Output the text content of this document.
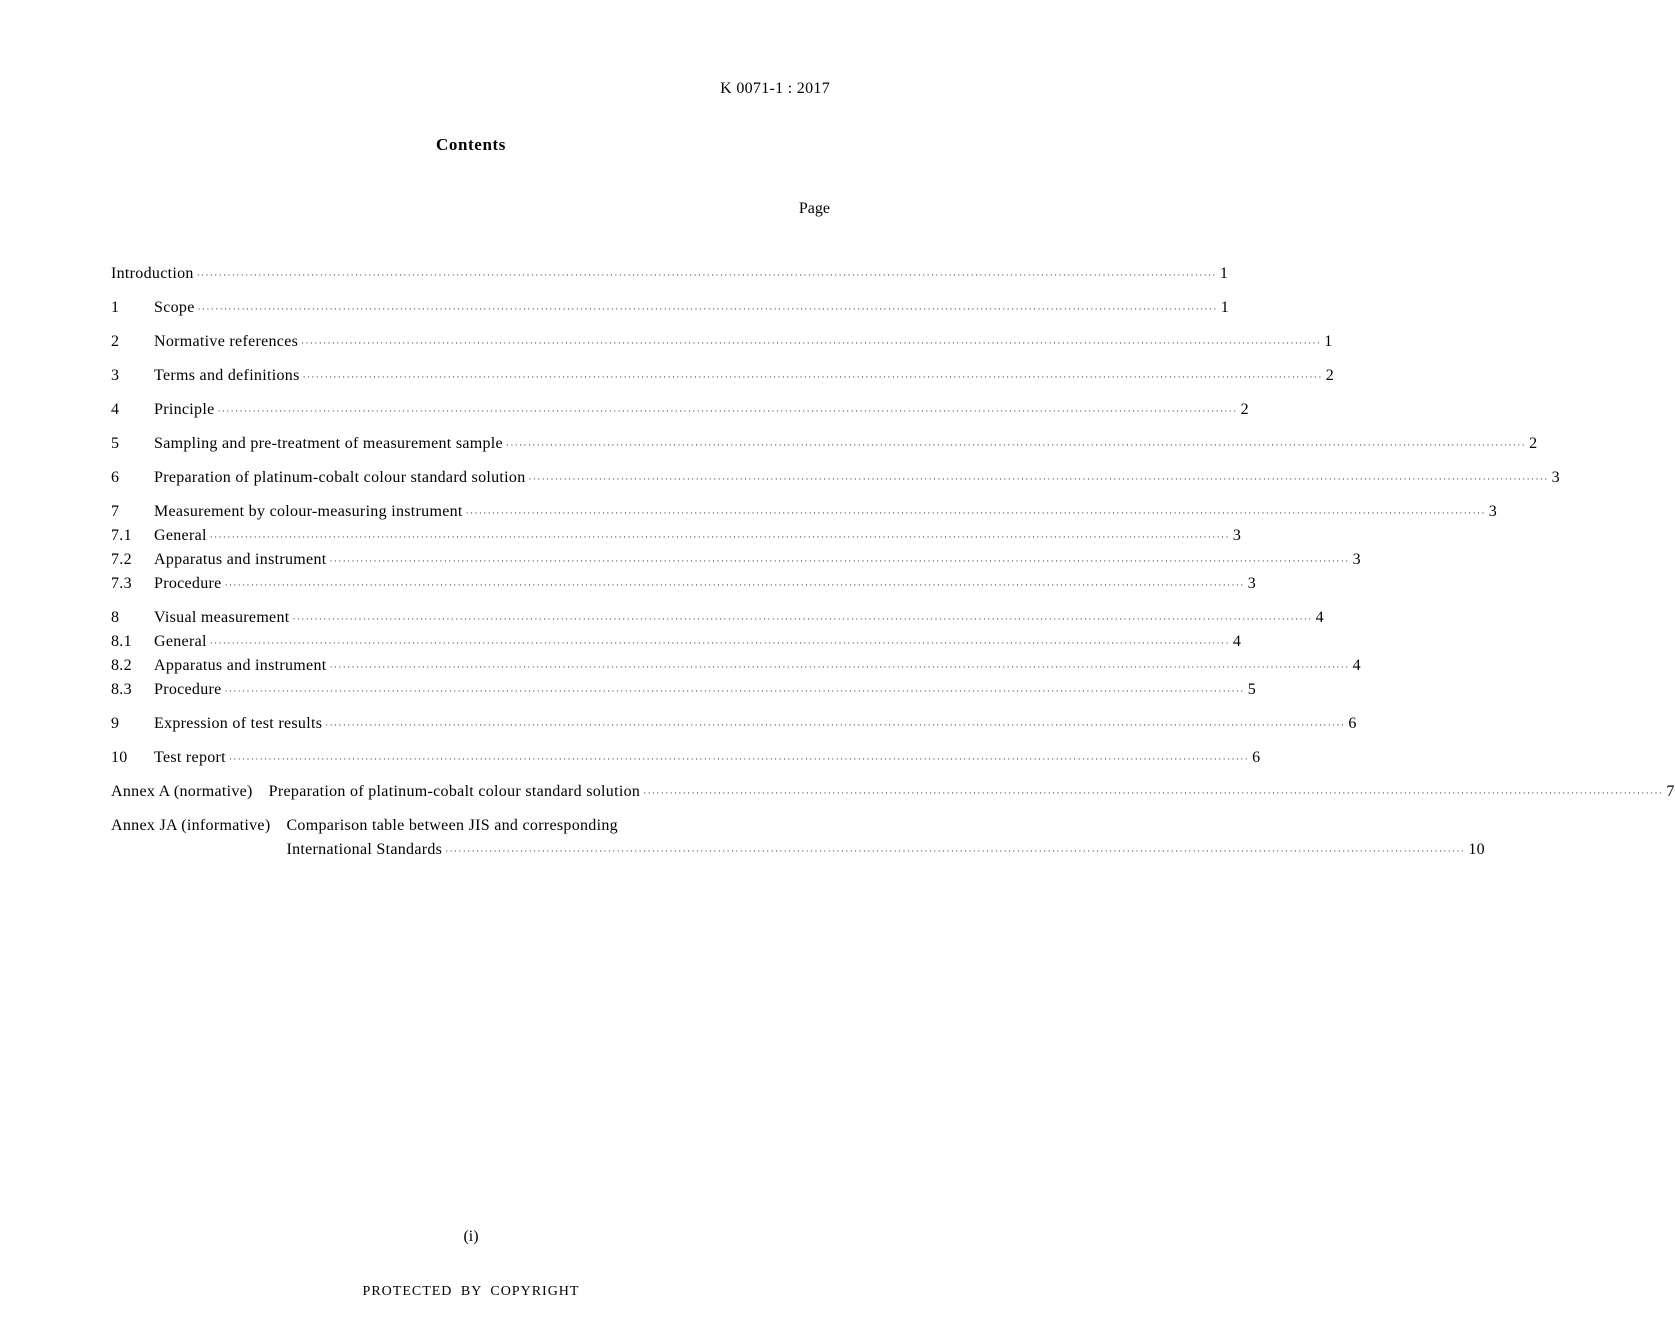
K 0071-1 : 2017
Contents
Page
Introduction ·····	1
1	Scope ·····	1
2	Normative references ·····	1
3	Terms and definitions ·····	2
4	Principle ·····	2
5	Sampling and pre-treatment of measurement sample ·····	2
6	Preparation of platinum-cobalt colour standard solution ·····	3
7	Measurement by colour-measuring instrument ·····	3
7.1	General ·····	3
7.2	Apparatus and instrument ·····	3
7.3	Procedure ·····	3
8	Visual measurement ·····	4
8.1	General ·····	4
8.2	Apparatus and instrument ·····	4
8.3	Procedure ·····	5
9	Expression of test results ·····	6
10	Test report ·····	6
Annex A (normative) Preparation of platinum-cobalt colour standard solution ·····	7
Annex JA (informative) Comparison table between JIS and corresponding
International Standards ·····	10
(i)
PROTECTED BY COPYRIGHT
